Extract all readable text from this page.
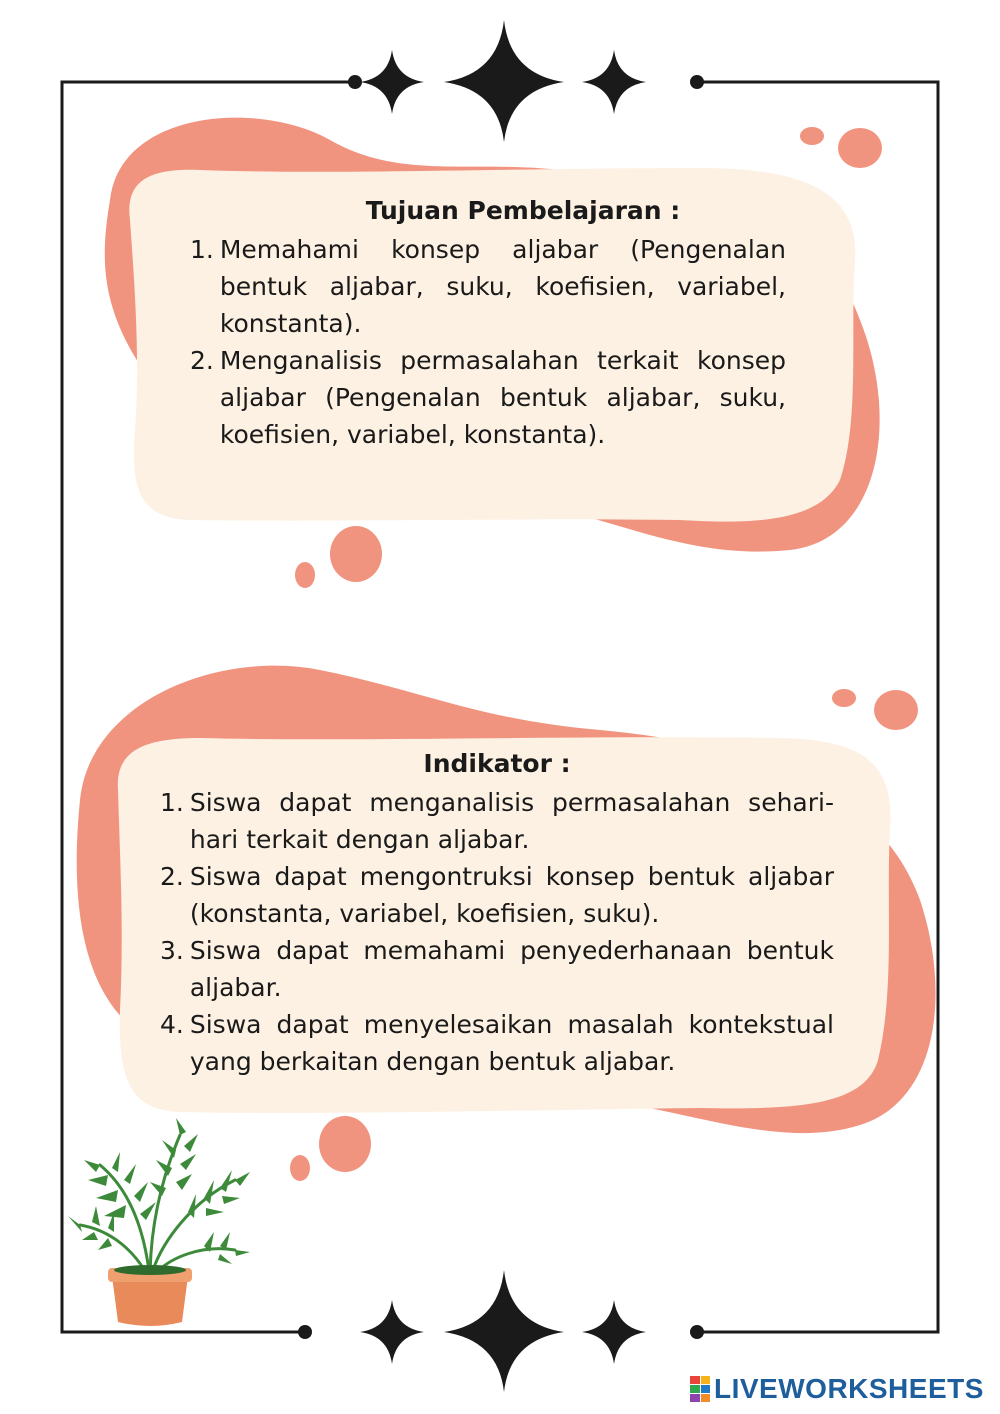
Tujuan Pembelajaran :
1. Memahami konsep aljabar (Pengenalan bentuk aljabar, suku, koefisien, variabel, konstanta).
2. Menganalisis permasalahan terkait konsep aljabar (Pengenalan bentuk aljabar, suku, koefisien, variabel, konstanta).
Indikator :
1. Siswa dapat menganalisis permasalahan sehari-hari terkait dengan aljabar.
2. Siswa dapat mengontruksi konsep bentuk aljabar (konstanta, variabel, koefisien, suku).
3. Siswa dapat memahami penyederhanaan bentuk aljabar.
4. Siswa dapat menyelesaikan masalah kontekstual yang berkaitan dengan bentuk aljabar.
LIVEWORKSHEETS
